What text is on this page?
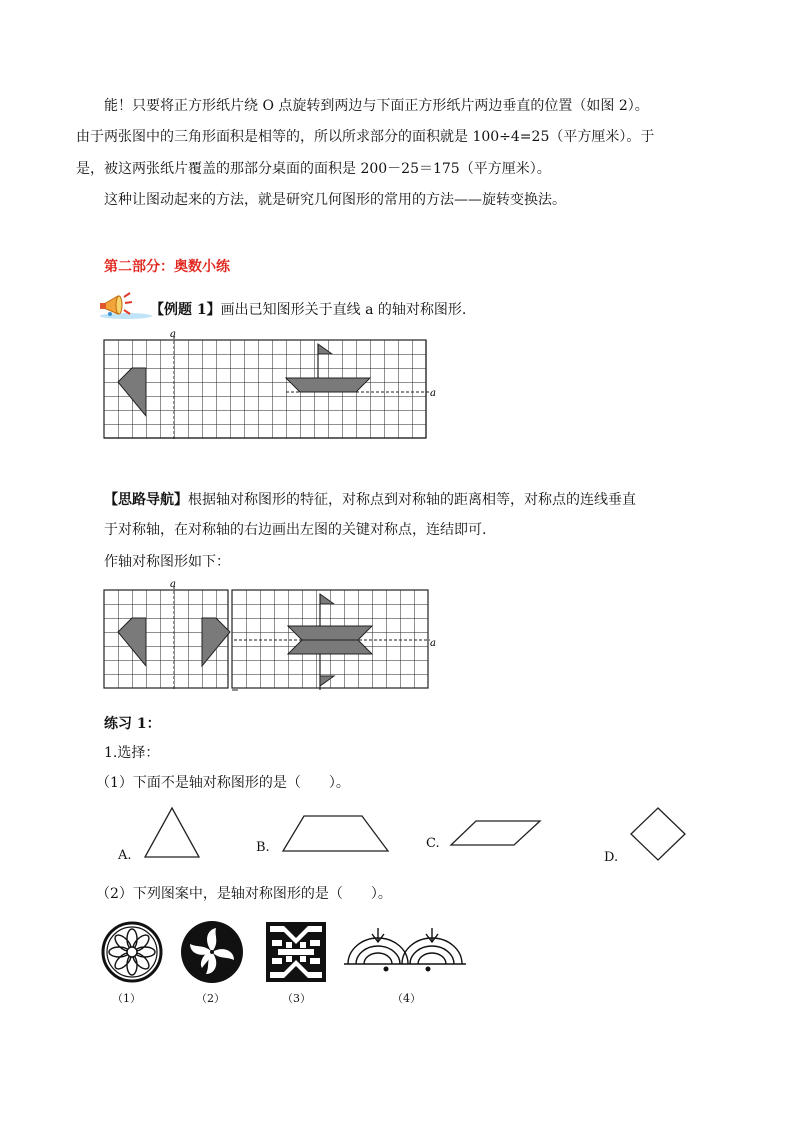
能！只要将正方形纸片绕 O 点旋转到两边与下面正方形纸片两边垂直的位置（如图 2）。
由于两张图中的三角形面积是相等的，所以所求部分的面积就是 100÷4=25（平方厘米）。于
是，被这两张纸片覆盖的那部分桌面的面积是 200－25＝175（平方厘米）。
这种让图动起来的方法，就是研究几何图形的常用的方法——旋转变换法。
第二部分：奥数小练
【例题 1】画出已知图形关于直线 a 的轴对称图形.
a
a
【思路导航】根据轴对称图形的特征，对称点到对称轴的距离相等，对称点的连线垂直
于对称轴，在对称轴的右边画出左图的关键对称点，连结即可.
作轴对称图形如下：
a
a
练习 1：
1.选择：
（1）下面不是轴对称图形的是（　　）。
A.
B.	C.
D.
（2）下列图案中，是轴对称图形的是（　　）。
（1）	（2）	（3）	（4）
